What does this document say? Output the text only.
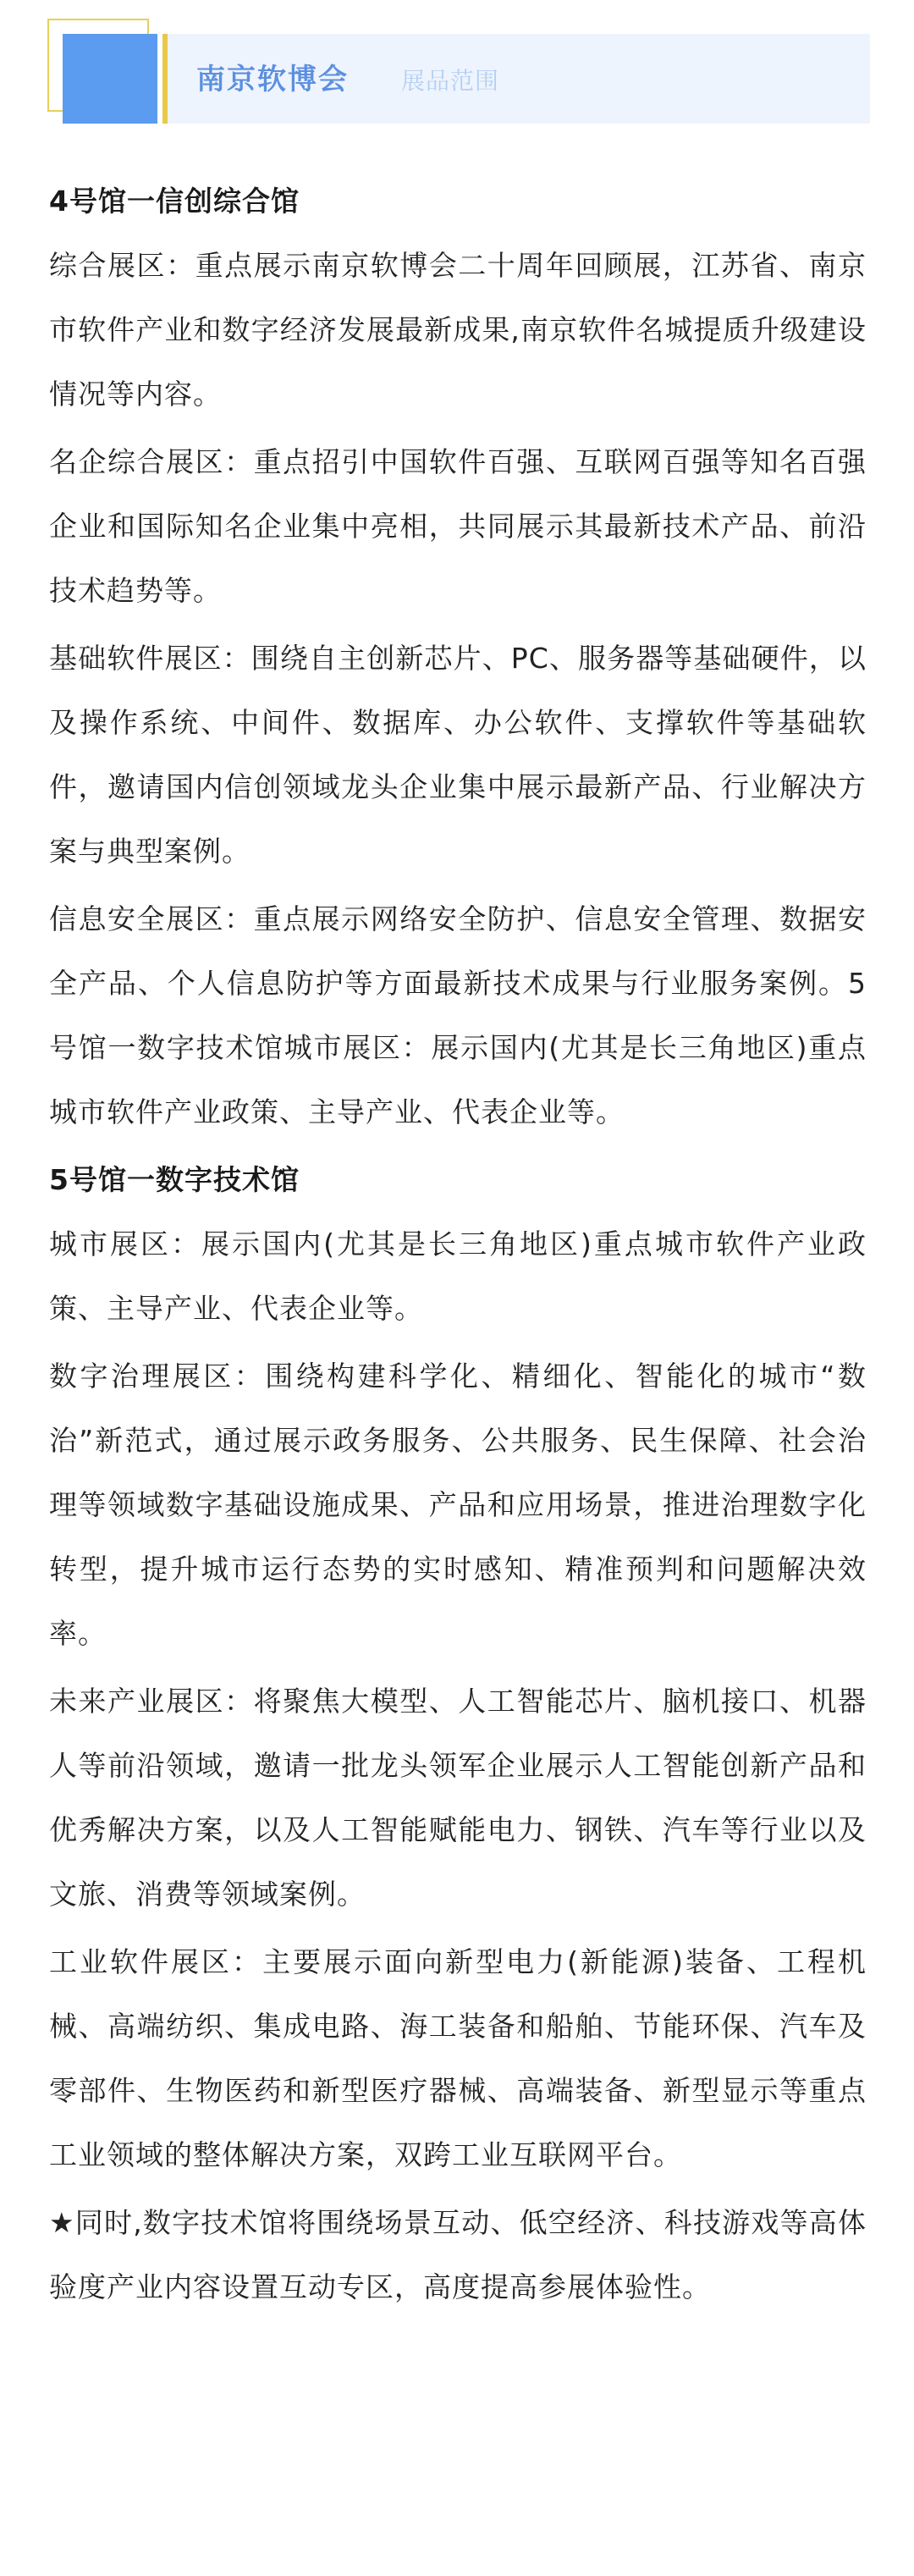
南京软博会 展品范围
4号馆一信创综合馆

综合展区：重点展示南京软博会二十周年回顾展，江苏省、南京市软件产业和数字经济发展最新成果,南京软件名城提质升级建设情况等内容。

名企综合展区：重点招引中国软件百强、互联网百强等知名百强企业和国际知名企业集中亮相，共同展示其最新技术产品、前沿技术趋势等。

基础软件展区：围绕自主创新芯片、PC、服务器等基础硬件，以及操作系统、中间件、数据库、办公软件、支撑软件等基础软件，邀请国内信创领域龙头企业集中展示最新产品、行业解决方案与典型案例。

信息安全展区：重点展示网络安全防护、信息安全管理、数据安全产品、个人信息防护等方面最新技术成果与行业服务案例。5号馆一数字技术馆城市展区：展示国内(尤其是长三角地区)重点城市软件产业政策、主导产业、代表企业等。

5号馆一数字技术馆

城市展区：展示国内(尤其是长三角地区)重点城市软件产业政策、主导产业、代表企业等。

数字治理展区：围绕构建科学化、精细化、智能化的城市“数治”新范式，通过展示政务服务、公共服务、民生保障、社会治理等领域数字基础设施成果、产品和应用场景，推进治理数字化转型，提升城市运行态势的实时感知、精准预判和问题解决效率。

未来产业展区：将聚焦大模型、人工智能芯片、脑机接口、机器人等前沿领域，邀请一批龙头领军企业展示人工智能创新产品和优秀解决方案，以及人工智能赋能电力、钢铁、汽车等行业以及文旅、消费等领域案例。

工业软件展区：主要展示面向新型电力(新能源)装备、工程机械、高端纺织、集成电路、海工装备和船舶、节能环保、汽车及零部件、生物医药和新型医疗器械、高端装备、新型显示等重点工业领域的整体解决方案，双跨工业互联网平台。

★同时,数字技术馆将围绕场景互动、低空经济、科技游戏等高体验度产业内容设置互动专区，高度提高参展体验性。
